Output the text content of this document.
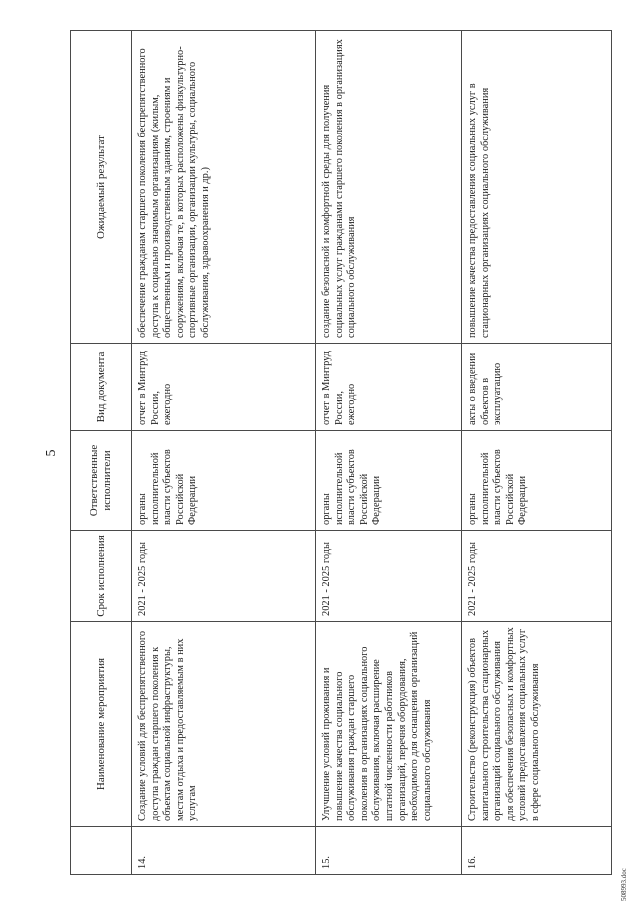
5
	Наименование мероприятия	Срок исполнения	Ответственные исполнители	Вид документа	Ожидаемый результат
14.	Создание условий для беспрепятственного доступа граждан старшего поколения к объектам социальной инфраструктуры, местам отдыха и предоставляемым в них услугам	2021 - 2025 годы	органы исполнительной власти субъектов Российской Федерации	отчет в Минтруд России, ежегодно	обеспечение гражданам старшего поколения беспрепятственного доступа к социально значимым организациям (жилым, общественным и производственным зданиям, строениям и сооружениям, включая те, в которых расположены физкультурно-спортивные организации, организации культуры, социального обслуживания, здравоохранения и др.)
15.	Улучшение условий проживания и повышение качества социального обслуживания граждан старшего поколения в организациях социального обслуживания, включая расширение штатной численности работников организаций, перечня оборудования, необходимого для оснащения организаций социального обслуживания	2021 - 2025 годы	органы исполнительной власти субъектов Российской Федерации	отчет в Минтруд России, ежегодно	создание безопасной и комфортной среды для получения социальных услуг гражданами старшего поколения в организациях социального обслуживания
16.	Строительство (реконструкция) объектов капитального строительства стационарных организаций социального обслуживания для обеспечения безопасных и комфортных условий предоставления социальных услуг в сфере социального обслуживания	2021 - 2025 годы	органы исполнительной власти субъектов Российской Федерации	акты о введении объектов в эксплуатацию	повышение качества предоставления социальных услуг в стационарных организациях социального обслуживания
508993.doc
